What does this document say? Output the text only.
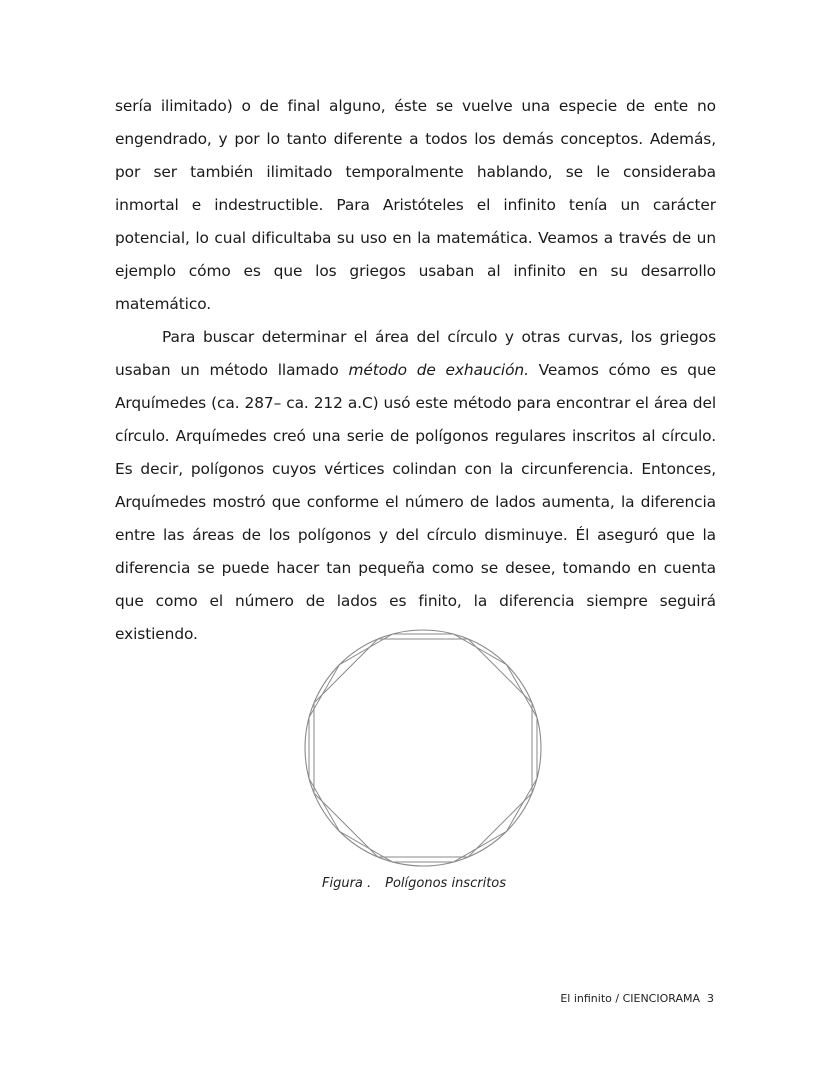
sería ilimitado) o de final alguno, éste se vuelve una especie de ente no engendrado, y por lo tanto diferente a todos los demás conceptos. Además, por ser también ilimitado temporalmente hablando, se le consideraba inmortal e indestructible. Para Aristóteles el infinito tenía un carácter potencial, lo cual dificultaba su uso en la matemática. Veamos a través de un ejemplo cómo es que los griegos usaban al infinito en su desarrollo matemático.

Para buscar determinar el área del círculo y otras curvas, los griegos usaban un método llamado método de exhaución. Veamos cómo es que Arquímedes (ca. 287– ca. 212 a.C) usó este método para encontrar el área del círculo. Arquímedes creó una serie de polígonos regulares inscritos al círculo. Es decir, polígonos cuyos vértices colindan con la circunferencia. Entonces, Arquímedes mostró que conforme el número de lados aumenta, la diferencia entre las áreas de los polígonos y del círculo disminuye. Él aseguró que la diferencia se puede hacer tan pequeña como se desee, tomando en cuenta que como el número de lados es finito, la diferencia siempre seguirá existiendo.

Figura . Polígonos inscritos
El infinito / CIENCIORAMA 3
